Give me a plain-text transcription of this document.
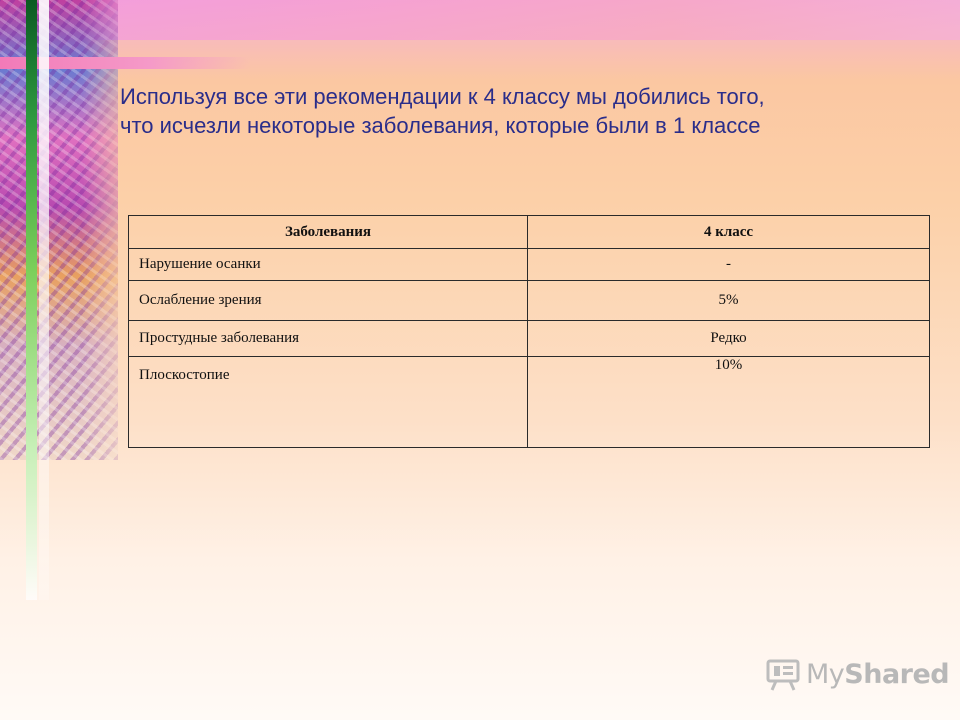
Используя все эти рекомендации к 4 классу мы добились того,
что исчезли некоторые заболевания, которые были в 1 классе
Заболевания	4 класс
Нарушение осанки	-
Ослабление зрения	5%
Простудные заболевания	Редко
Плоскостопие	10%
MyShared
